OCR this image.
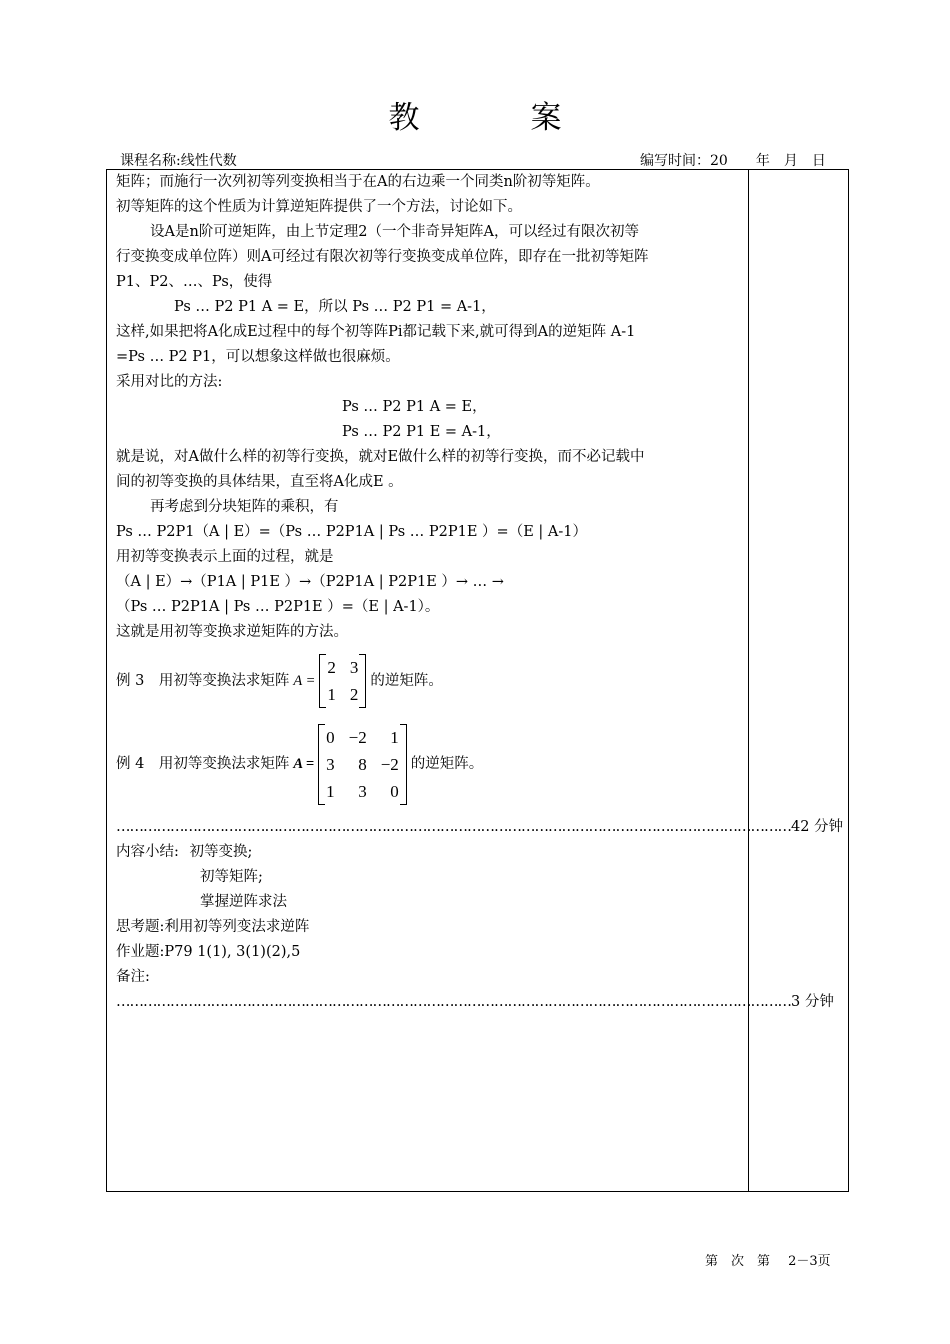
教　案
课程名称:线性代数	编写时间：20　　年　月　日
矩阵；而施行一次列初等列变换相当于在A的右边乘一个同类n阶初等矩阵。
初等矩阵的这个性质为计算逆矩阵提供了一个方法，讨论如下。
设A是n阶可逆矩阵，由上节定理2（一个非奇异矩阵A，可以经过有限次初等
行变换变成单位阵）则A可经过有限次初等行变换变成单位阵，即存在一批初等矩阵
P1、P2、…、Ps，使得
Ps … P2 P1 A = E，所以 Ps … P2 P1 = A-1，
这样,如果把将A化成E过程中的每个初等阵Pi都记载下来,就可得到A的逆矩阵 A-1
=Ps … P2 P1，可以想象这样做也很麻烦。
采用对比的方法:
Ps … P2 P1 A = E，
Ps … P2 P1 E = A-1，
就是说，对A做什么样的初等行变换，就对E做什么样的初等行变换，而不必记载中
间的初等变换的具体结果，直至将A化成E 。
再考虑到分块矩阵的乘积，有
Ps … P2P1（A | E）=（Ps … P2P1A | Ps … P2P1E ）=（E | A-1）
用初等变换表示上面的过程，就是
（A | E）→（P1A | P1E ）→（P2P1A | P2P1E ）→ … →
（Ps … P2P1A | Ps … P2P1E ）=（E | A-1）。
这就是用初等变换求逆矩阵的方法。
例 3　用初等变换法求矩阵 A =
2	3
1	2
的逆矩阵。
例 4　用初等变换法求矩阵 A =
0	−2	1
3	8	−2
1	3	0
的逆矩阵。
…………………………………………………………………………………………………………………………………… 42 分钟
内容小结: 初等变换;
初等矩阵;
掌握逆阵求法
思考题:利用初等列变法求逆阵
作业题:P79 1(1), 3(1)(2),5
备注:
…………………………………………………………………………………………………………………………………… 3 分钟
第　次　第 2－3页
